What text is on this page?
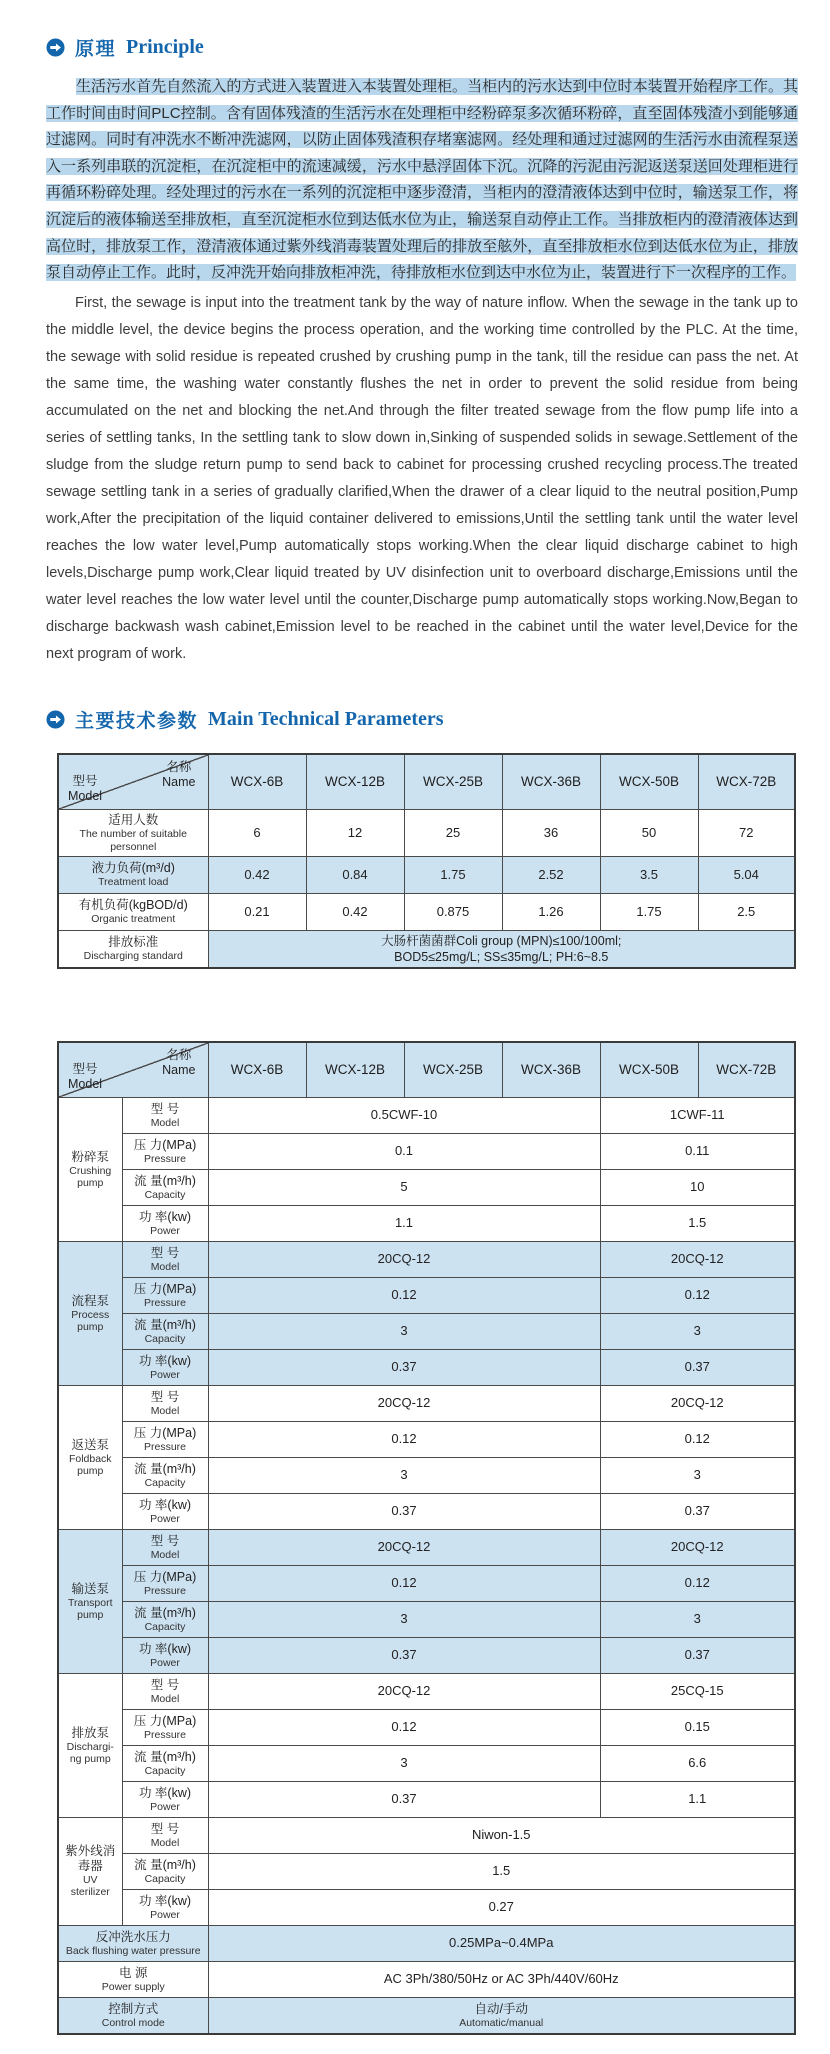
原理 Principle

生活污水首先自然流入的方式进入装置进入本装置处理柜。当柜内的污水达到中位时本装置开始程序工作。其工作时间由时间PLC控制。含有固体残渣的生活污水在处理柜中经粉碎泵多次循环粉碎，直至固体残渣小到能够通过滤网。同时有冲洗水不断冲洗滤网，以防止固体残渣积存堵塞滤网。经处理和通过过滤网的生活污水由流程泵送入一系列串联的沉淀柜，在沉淀柜中的流速减缓，污水中悬浮固体下沉。沉降的污泥由污泥返送泵送回处理柜进行再循环粉碎处理。经处理过的污水在一系列的沉淀柜中逐步澄清，当柜内的澄清液体达到中位时，输送泵工作，将沉淀后的液体输送至排放柜，直至沉淀柜水位到达低水位为止，输送泵自动停止工作。当排放柜内的澄清液体达到高位时，排放泵工作，澄清液体通过紫外线消毒装置处理后的排放至舷外，直至排放柜水位到达低水位为止，排放泵自动停止工作。此时，反冲洗开始向排放柜冲洗，待排放柜水位到达中水位为止，装置进行下一次程序的工作。

First, the sewage is input into the treatment tank by the way of nature inflow. When the sewage in the tank up to the middle level, the device begins the process operation, and the working time controlled by the PLC. At the time, the sewage with solid residue is repeated crushed by crushing pump in the tank, till the residue can pass the net. At the same time, the washing water constantly flushes the net in order to prevent the solid residue from being accumulated on the net and blocking the net.And through the filter treated sewage from the flow pump life into a series of settling tanks, In the settling tank to slow down in,Sinking of suspended solids in sewage.Settlement of the sludge from the sludge return pump to send back to cabinet for processing crushed recycling process.The treated sewage settling tank in a series of gradually clarified,When the drawer of a clear liquid to the neutral position,Pump work,After the precipitation of the liquid container delivered to emissions,Until the settling tank until the water level reaches the low water level,Pump automatically stops working.When the clear liquid discharge cabinet to high levels,Discharge pump work,Clear liquid treated by UV disinfection unit to overboard discharge,Emissions until the water level reaches the low water level until the counter,Discharge pump automatically stops working.Now,Began to discharge backwash wash cabinet,Emission level to be reached in the cabinet until the water level,Device for the next program of work.

主要技术参数 Main Technical Parameters
名称
Name
型号
Model	WCX-6B	WCX-12B	WCX-25B	WCX-36B	WCX-50B	WCX-72B

适用人数
The number of suitable personnel	6	12	25	36	50	72

液力负荷(m³/d)
Treatment load	0.42	0.84	1.75	2.52	3.5	5.04

有机负荷(kgBOD/d)
Organic treatment	0.21	0.42	0.875	1.26	1.75	2.5

排放标准
Discharging standard	大肠杆菌菌群Coli group (MPN)≤100/100ml;
BOD5≤25mg/L; SS≤35mg/L; PH:6~8.5					
名称
Name
型号
Model		WCX-6B	WCX-12B	WCX-25B	WCX-36B	WCX-50B	WCX-72B

粉碎泵
Crushing pump	型 号
Model	0.5CWF-10				1CWF-11	

	压 力(MPa)
Pressure	0.1				0.11	

	流 量(m³/h)
Capacity	5				10	

	功 率(kw)
Power	1.1				1.5	

流程泵
Process pump	型 号
Model	20CQ-12				20CQ-12	

	压 力(MPa)
Pressure	0.12				0.12	

	流 量(m³/h)
Capacity	3				3	

	功 率(kw)
Power	0.37				0.37	

返送泵
Foldback pump	型 号
Model	20CQ-12				20CQ-12	

	压 力(MPa)
Pressure	0.12				0.12	

	流 量(m³/h)
Capacity	3				3	

	功 率(kw)
Power	0.37				0.37	

输送泵
Transport pump	型 号
Model	20CQ-12				20CQ-12	

	压 力(MPa)
Pressure	0.12				0.12	

	流 量(m³/h)
Capacity	3				3	

	功 率(kw)
Power	0.37				0.37	

排放泵
Dischargi-ng pump	型 号
Model	20CQ-12				25CQ-15	

	压 力(MPa)
Pressure	0.12				0.15	

	流 量(m³/h)
Capacity	3				6.6	

	功 率(kw)
Power	0.37				1.1	

紫外线消毒器
UV sterilizer	型 号
Model	Niwon-1.5					

	流 量(m³/h)
Capacity	1.5					

	功 率(kw)
Power	0.27					

反冲洗水压力
Back flushing water pressure		0.25MPa~0.4MPa					

电 源
Power supply		AC 3Ph/380/50Hz or AC 3Ph/440V/60Hz					

控制方式
Control mode		自动/手动
Automatic/manual					
